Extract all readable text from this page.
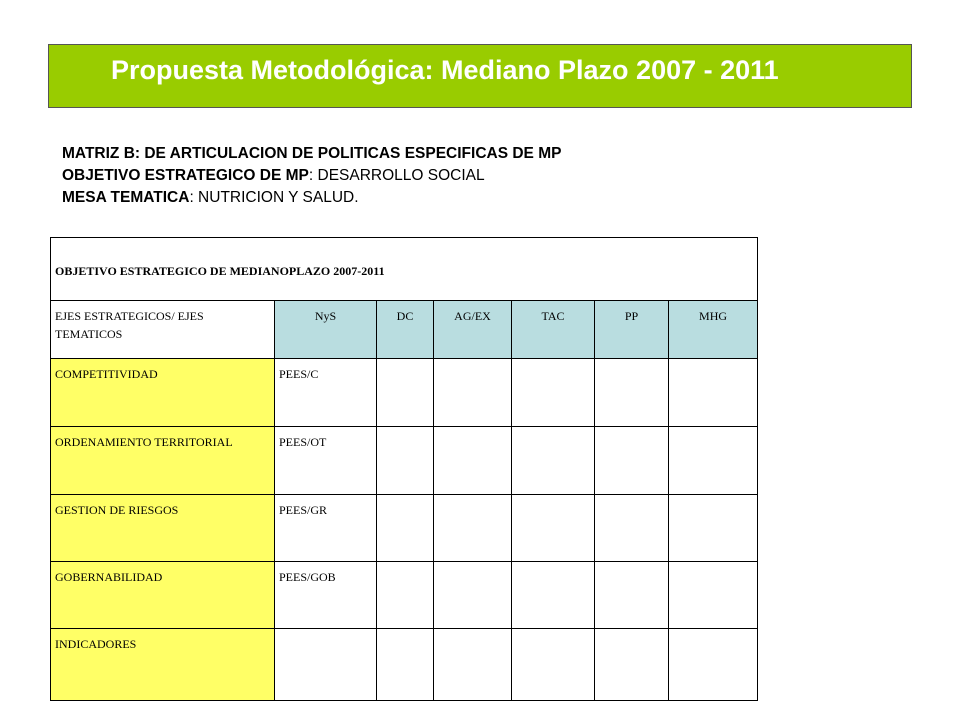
Propuesta Metodológica: Mediano Plazo 2007 - 2011
MATRIZ B: DE ARTICULACION DE POLITICAS ESPECIFICAS DE MP
OBJETIVO ESTRATEGICO DE MP: DESARROLLO SOCIAL
MESA TEMATICA: NUTRICION Y SALUD.
OBJETIVO ESTRATEGICO DE MEDIANOPLAZO 2007-2011						
EJES ESTRATEGICOS/ EJES TEMATICOS	NyS	DC	AG/EX	TAC	PP	MHG
COMPETITIVIDAD	PEES/C					
ORDENAMIENTO TERRITORIAL	PEES/OT					
GESTION DE RIESGOS	PEES/GR					
GOBERNABILIDAD	PEES/GOB					
INDICADORES						
